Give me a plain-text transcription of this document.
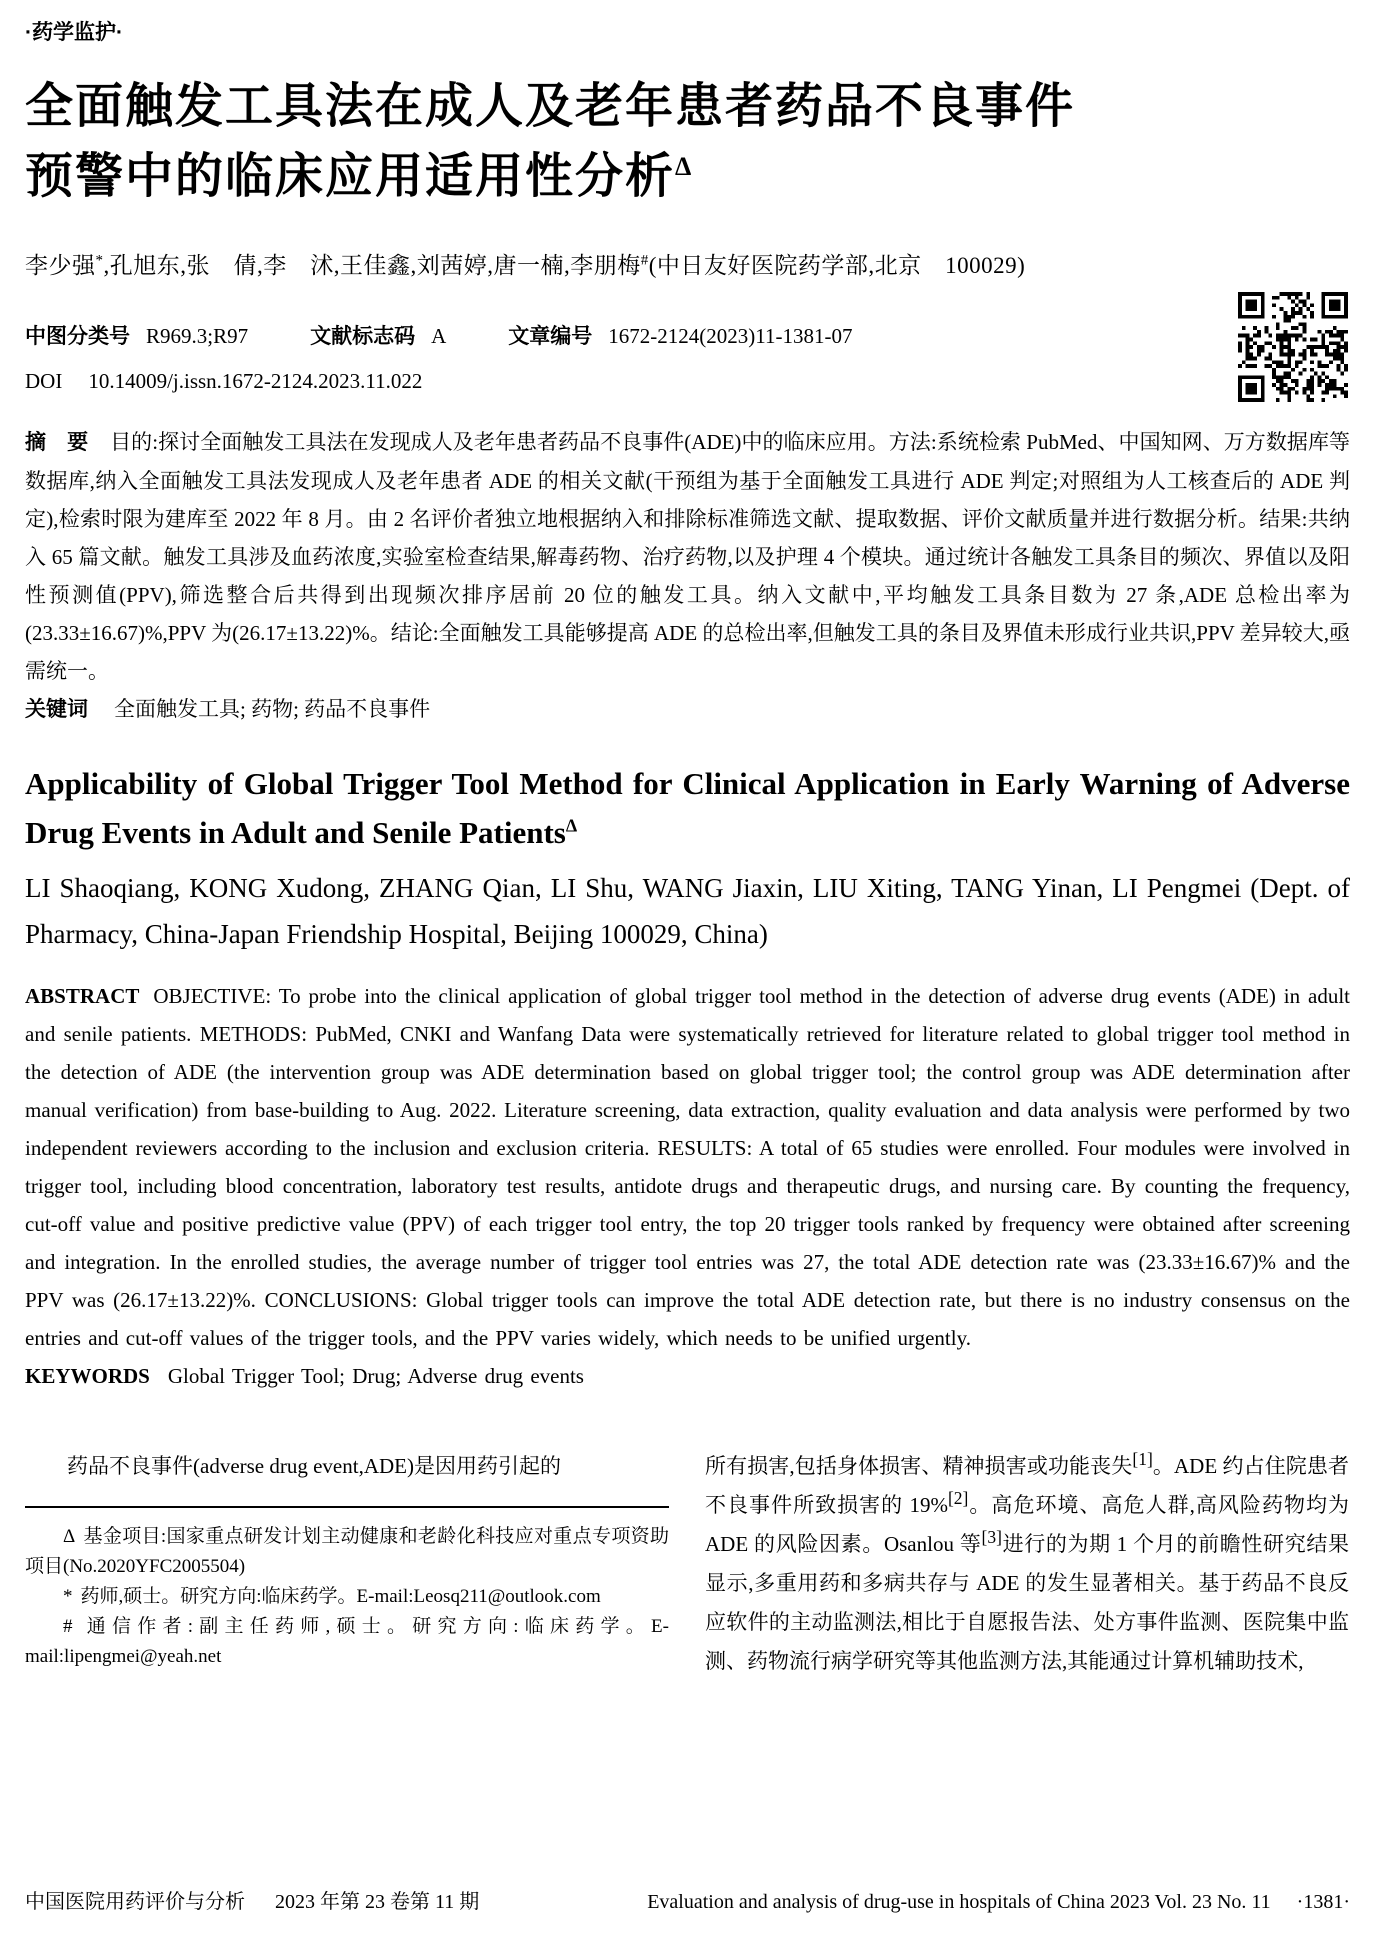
·药学监护·
全面触发工具法在成人及老年患者药品不良事件
预警中的临床应用适用性分析$^\Delta$

李少强*,孔旭东,张　倩,李　沭,王佳鑫,刘茜婷,唐一楠,李朋梅#(中日友好医院药学部,北京　100029)

中图分类号 R969.3;R97	文献标志码 A	文章编号 1672-2124(2023)11-1381-07
DOI 10.14009/j.issn.1672-2124.2023.11.022

摘　要 目的:探讨全面触发工具法在发现成人及老年患者药品不良事件(ADE)中的临床应用。方法:系统检索 PubMed、中国知网、万方数据库等数据库,纳入全面触发工具法发现成人及老年患者 ADE 的相关文献(干预组为基于全面触发工具进行 ADE 判定;对照组为人工核查后的 ADE 判定),检索时限为建库至 2022 年 8 月。由 2 名评价者独立地根据纳入和排除标准筛选文献、提取数据、评价文献质量并进行数据分析。结果:共纳入 65 篇文献。触发工具涉及血药浓度,实验室检查结果,解毒药物、治疗药物,以及护理 4 个模块。通过统计各触发工具条目的频次、界值以及阳性预测值(PPV),筛选整合后共得到出现频次排序居前 20 位的触发工具。纳入文献中,平均触发工具条目数为 27 条,ADE 总检出率为(23.33±16.67)%,PPV 为(26.17±13.22)%。结论:全面触发工具能够提高 ADE 的总检出率,但触发工具的条目及界值未形成行业共识,PPV 差异较大,亟需统一。

关键词 全面触发工具; 药物; 药品不良事件

Applicability of Global Trigger Tool Method for Clinical Application in Early Warning of Adverse Drug Events in Adult and Senile Patients$^\Delta$

LI Shaoqiang, KONG Xudong, ZHANG Qian, LI Shu, WANG Jiaxin, LIU Xiting, TANG Yinan, LI Pengmei (Dept. of Pharmacy, China-Japan Friendship Hospital, Beijing 100029, China)

ABSTRACT OBJECTIVE: To probe into the clinical application of global trigger tool method in the detection of adverse drug events (ADE) in adult and senile patients. METHODS: PubMed, CNKI and Wanfang Data were systematically retrieved for literature related to global trigger tool method in the detection of ADE (the intervention group was ADE determination based on global trigger tool; the control group was ADE determination after manual verification) from base-building to Aug. 2022. Literature screening, data extraction, quality evaluation and data analysis were performed by two independent reviewers according to the inclusion and exclusion criteria. RESULTS: A total of 65 studies were enrolled. Four modules were involved in trigger tool, including blood concentration, laboratory test results, antidote drugs and therapeutic drugs, and nursing care. By counting the frequency, cut-off value and positive predictive value (PPV) of each trigger tool entry, the top 20 trigger tools ranked by frequency were obtained after screening and integration. In the enrolled studies, the average number of trigger tool entries was 27, the total ADE detection rate was (23.33±16.67)% and the PPV was (26.17±13.22)%. CONCLUSIONS: Global trigger tools can improve the total ADE detection rate, but there is no industry consensus on the entries and cut-off values of the trigger tools, and the PPV varies widely, which needs to be unified urgently.

KEYWORDS Global Trigger Tool; Drug; Adverse drug events

药品不良事件(adverse drug event,ADE)是因用药引起的

Δ 基金项目:国家重点研发计划主动健康和老龄化科技应对重点专项资助项目(No.2020YFC2005504)

* 药师,硕士。研究方向:临床药学。E-mail:Leosq211@outlook.com

# 通信作者:副主任药师,硕士。研究方向:临床药学。E-mail:lipengmei@yeah.net

所有损害,包括身体损害、精神损害或功能丧失[1]。ADE 约占住院患者不良事件所致损害的 19%[2]。高危环境、高危人群,高风险药物均为 ADE 的风险因素。Osanlou 等[3]进行的为期 1 个月的前瞻性研究结果显示,多重用药和多病共存与 ADE 的发生显著相关。基于药品不良反应软件的主动监测法,相比于自愿报告法、处方事件监测、医院集中监测、药物流行病学研究等其他监测方法,其能通过计算机辅助技术,

中国医院用药评价与分析 2023 年第 23 卷第 11 期	Evaluation and analysis of drug-use in hospitals of China 2023 Vol. 23 No. 11 ·1381·
